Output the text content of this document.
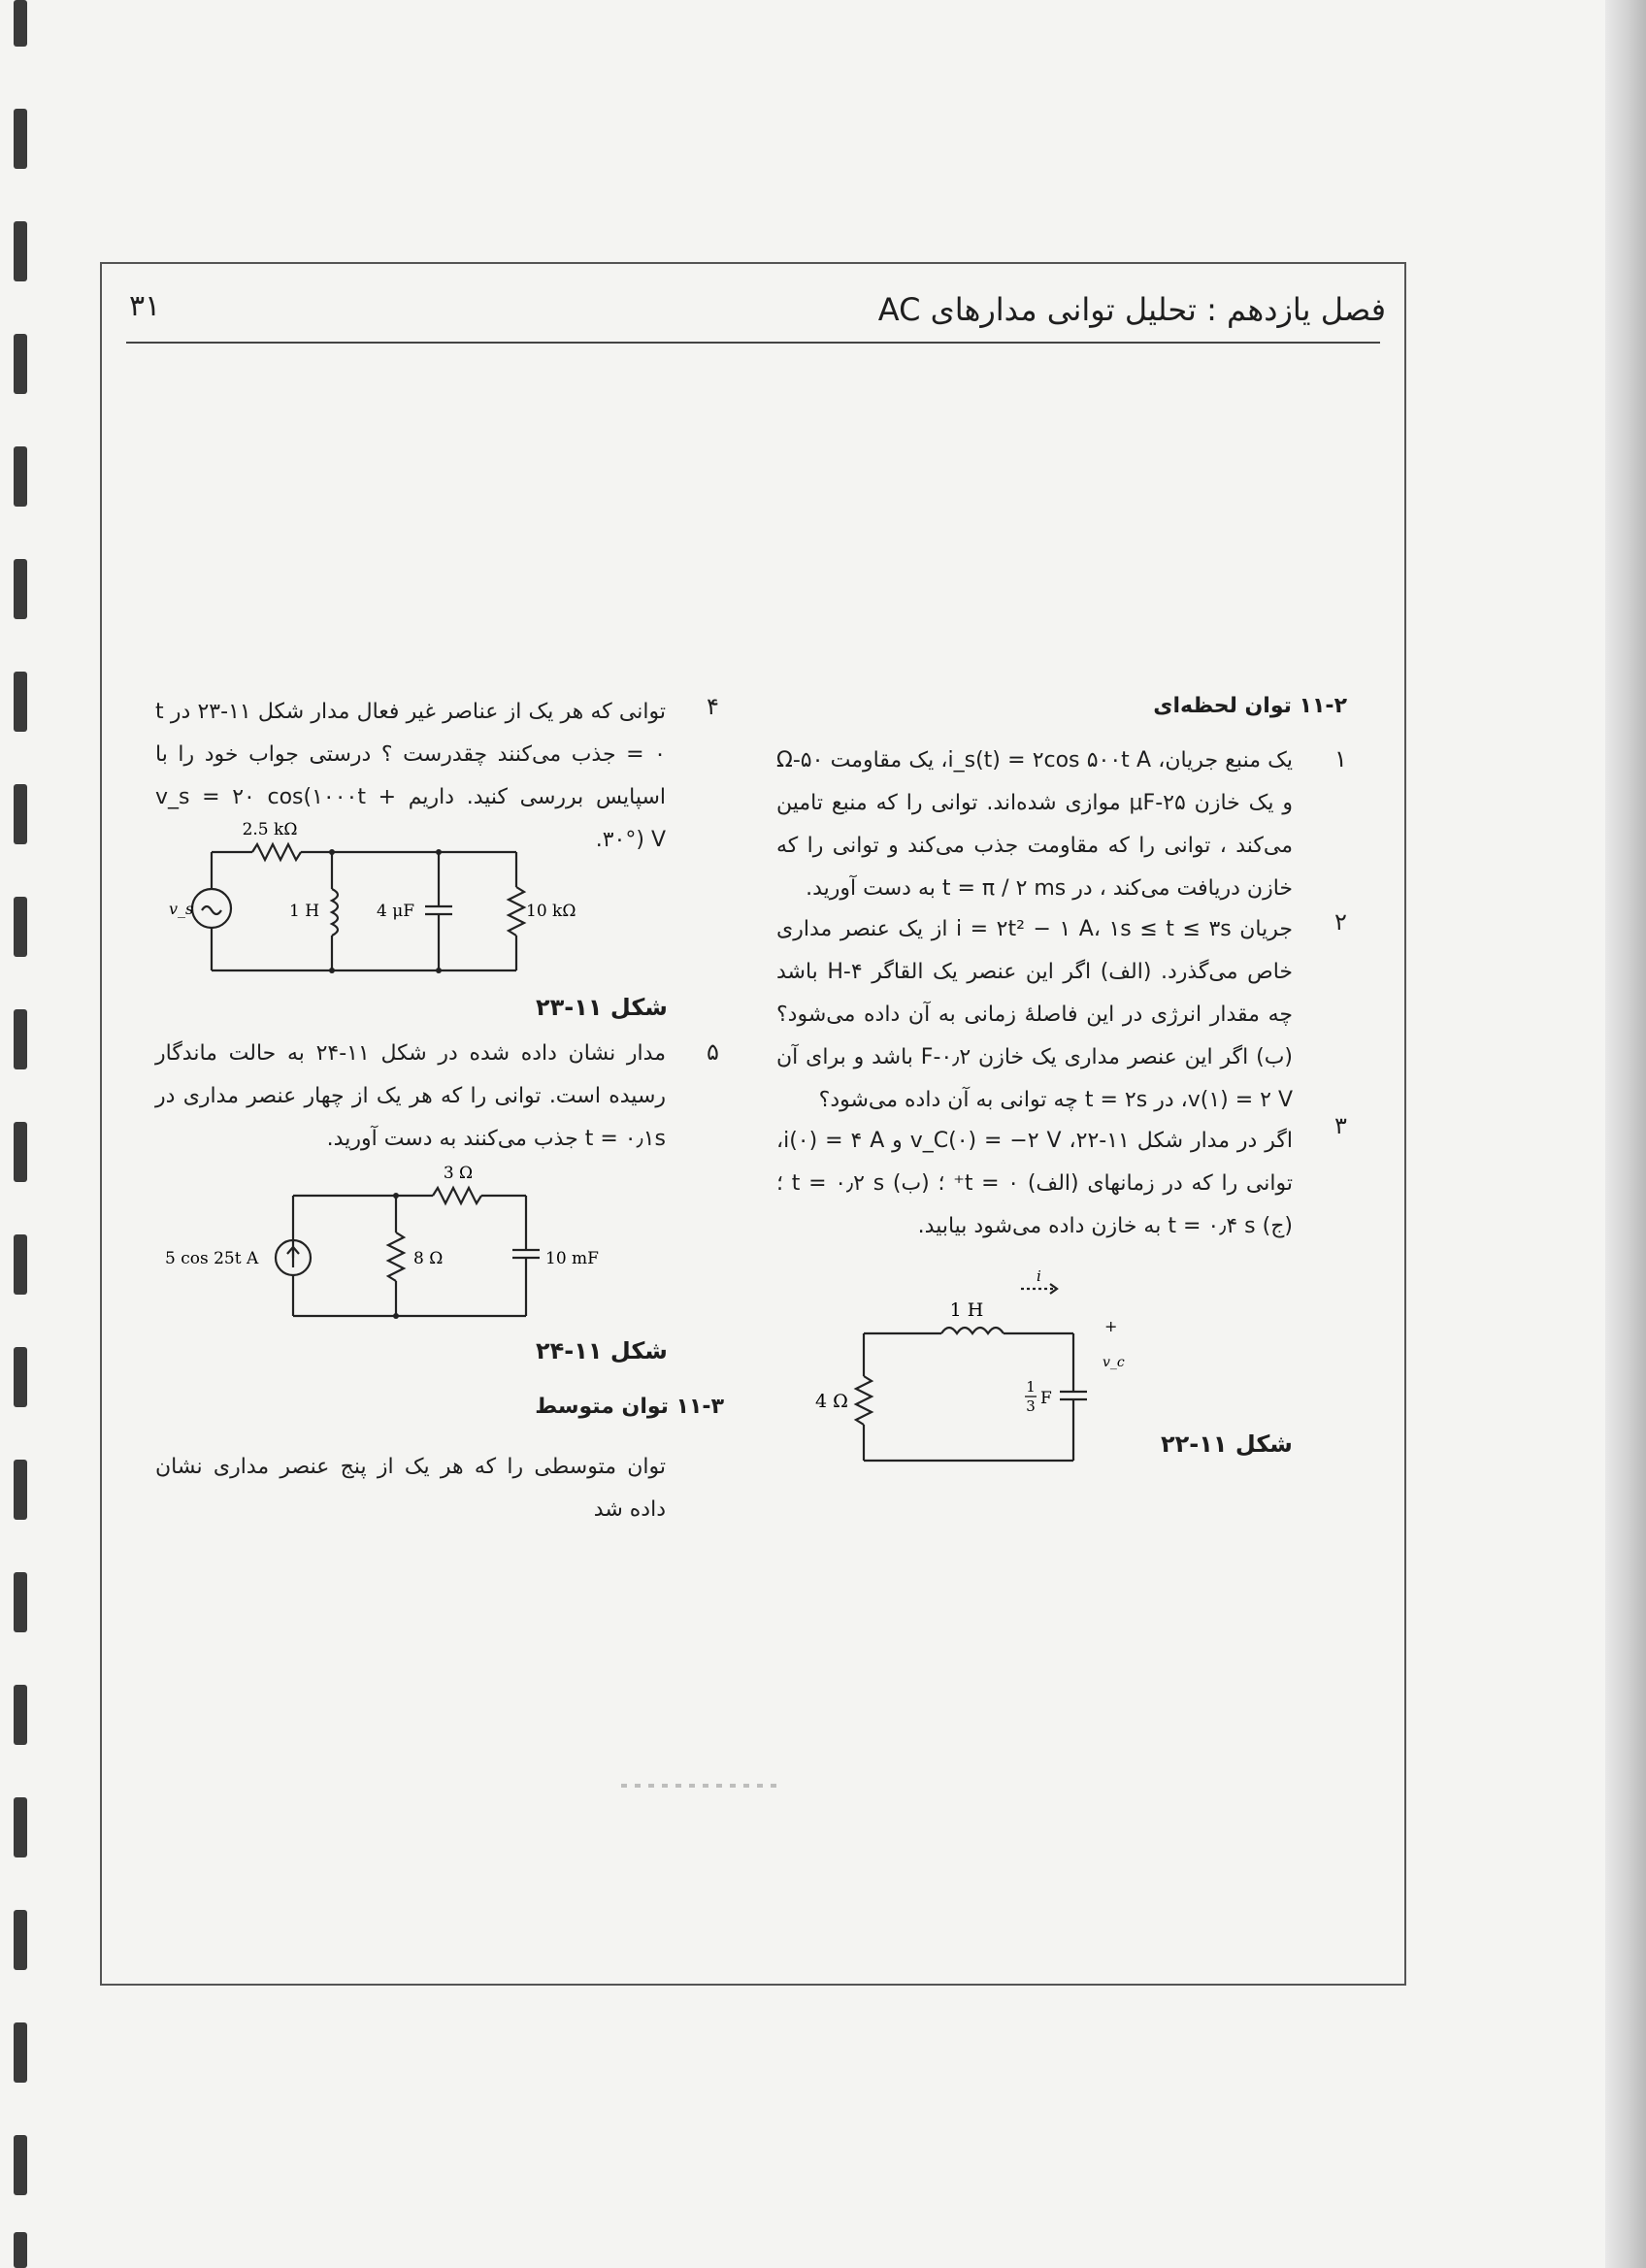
۳۱	فصل یازدهم : تحلیل توانی مدارهای AC
۱۱-۲ توان لحظه‌ای
۱
یک منبع جریان، i_s(t) = ۲cos ۵۰۰t A، یک مقاومت ۵۰-Ω و یک خازن ۲۵-μF موازی شده‌اند. توانی را که منبع تامین می‌کند ، توانی را که مقاومت جذب می‌کند و توانی را که خازن دریافت می‌کند ، در t = π / ۲ ms به دست آورید.
۲
جریان i = ۲t² − ۱ A، ۱s ≤ t ≤ ۳s از یک عنصر مداری خاص می‌گذرد. (الف) اگر این عنصر یک القاگر ۴-H باشد چه مقدار انرژی در این فاصلهٔ زمانی به آن داده می‌شود؟ (ب) اگر این عنصر مداری یک خازن ۰٫۲-F باشد و برای آن v(۱) = ۲ V، در t = ۲s چه توانی به آن داده می‌شود؟
۳
اگر در مدار شکل ۱۱-۲۲، v_C(۰) = −۲ V و i(۰) = ۴ A، توانی را که در زمانهای (الف) t = ۰⁺ ؛ (ب) t = ۰٫۲ s ؛ (ج) t = ۰٫۴ s به خازن داده می‌شود بیابید.
1 H
4 Ω
1
3 F
i
+
v_c
شکل ۱۱-۲۲
۴
توانی که هر یک از عناصر غیر فعال مدار شکل ۱۱-۲۳ در t = ۰ جذب می‌کنند چقدرست ؟ درستی جواب خود را با اسپایس بررسی کنید. داریم v_s = ۲۰ cos(۱۰۰۰t + ۳۰°) V.
v_s
2.5 kΩ
1 H	4 μF	10 kΩ
شکل ۱۱-۲۳
۵
مدار نشان داده شده در شکل ۱۱-۲۴ به حالت ماندگار رسیده است. توانی را که هر یک از چهار عنصر مداری در t = ۰٫۱s جذب می‌کنند به دست آورید.
5 cos 25t A
3 Ω
8 Ω	10 mF
شکل ۱۱-۲۴
۱۱-۳ توان متوسط
توان متوسطی را که هر یک از پنج عنصر مداری نشان داده شد
